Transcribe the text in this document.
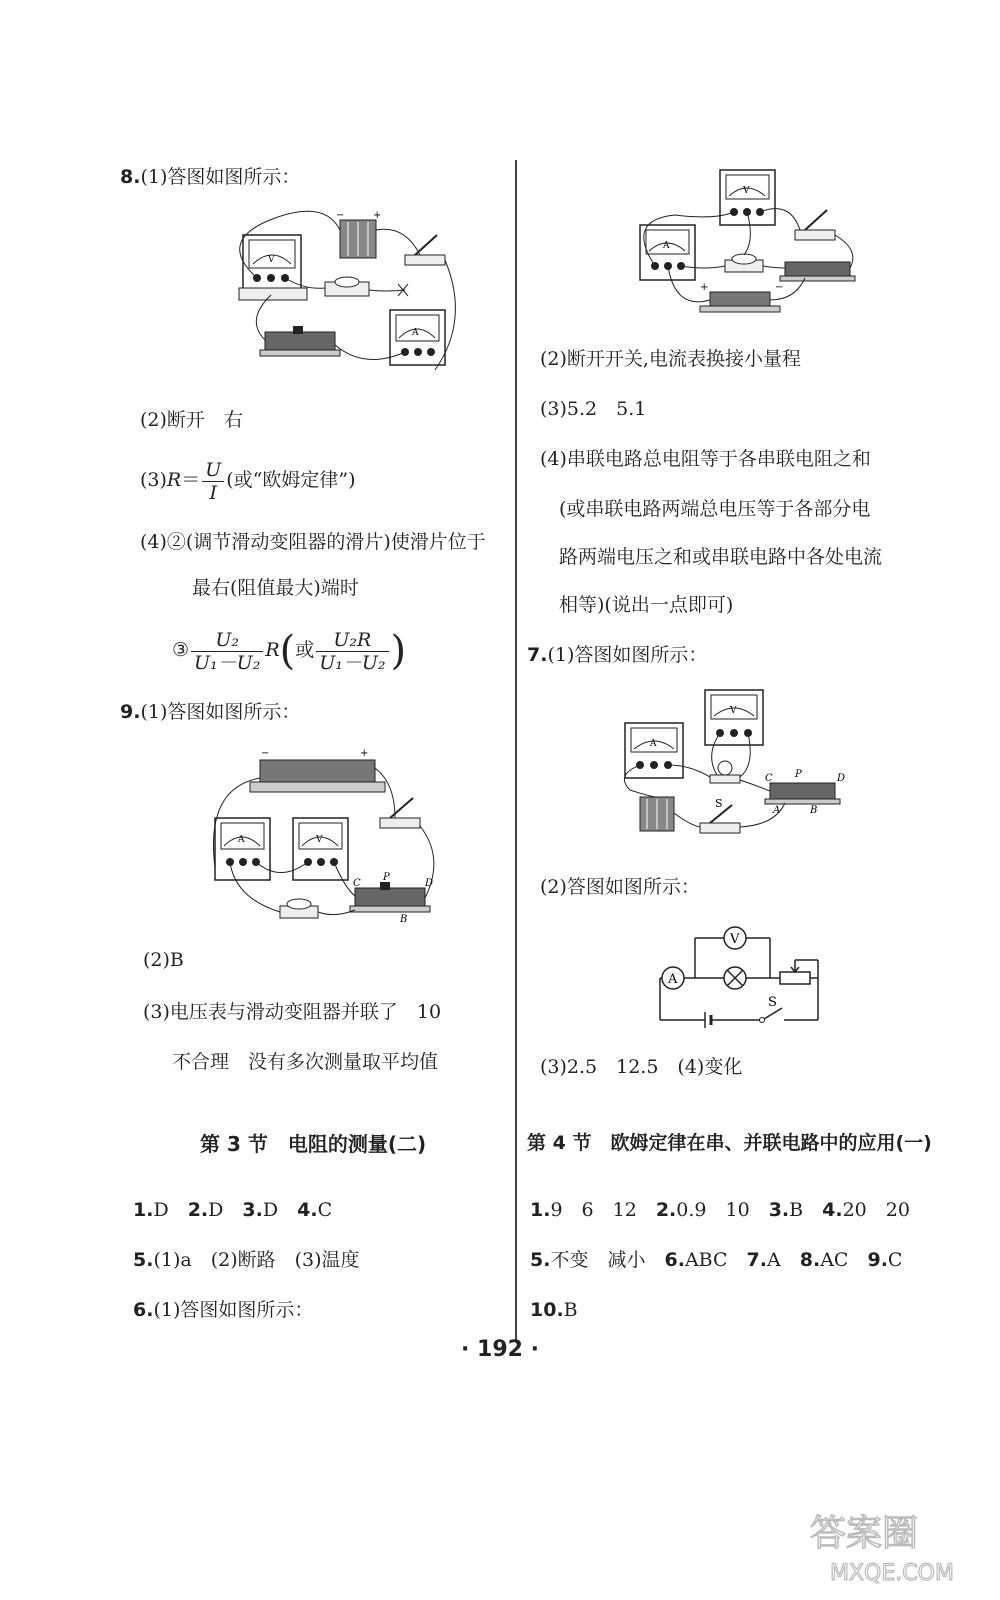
8.(1)答图如图所示：
V
−	+
A
(2)断开　右
$(3)R= \frac{U}{I}$ (或“欧姆定律”)
(4)②(调节滑动变阻器的滑片)使滑片位于
最右(阻值最大)端时
③ $\frac{\text{U₂}}{\text{U₁－U₂}} R$(或 $\frac{\text{U₂R}}{\text{U₁－U₂}}$ )
9.(1)答图如图所示：
−	+
A	V
C
P
D
B
(2)B
(3)电压表与滑动变阻器并联了　10
不合理　没有多次测量取平均值
第 3 节　电阻的测量(二)
1.D　 2.D　 3.D　 4.C
5.(1)a　(2)断路　(3)温度
6.(1)答图如图所示：
V
A
+	−
(2)断开开关,电流表换接小量程
(3)5.2　5.1
(4)串联电路总电阻等于各串联电阻之和
(或串联电路两端总电压等于各部分电
路两端电压之和或串联电路中各处电流
相等)(说出一点即可)
7.(1)答图如图所示：
V
A
C P	D
A	B
S
(2)答图如图所示：
V
A
S
(3)2.5　12.5　(4)变化
第 4 节　欧姆定律在串、并联电路中的应用(一)
1.9　6　12　 2.0.9　10　 3.B　 4.20　20
5.不变　减小　 6.ABC　 7.A　 8.AC　 9.C
10.B
· 192 ·
答案圈
MXQE.COM
